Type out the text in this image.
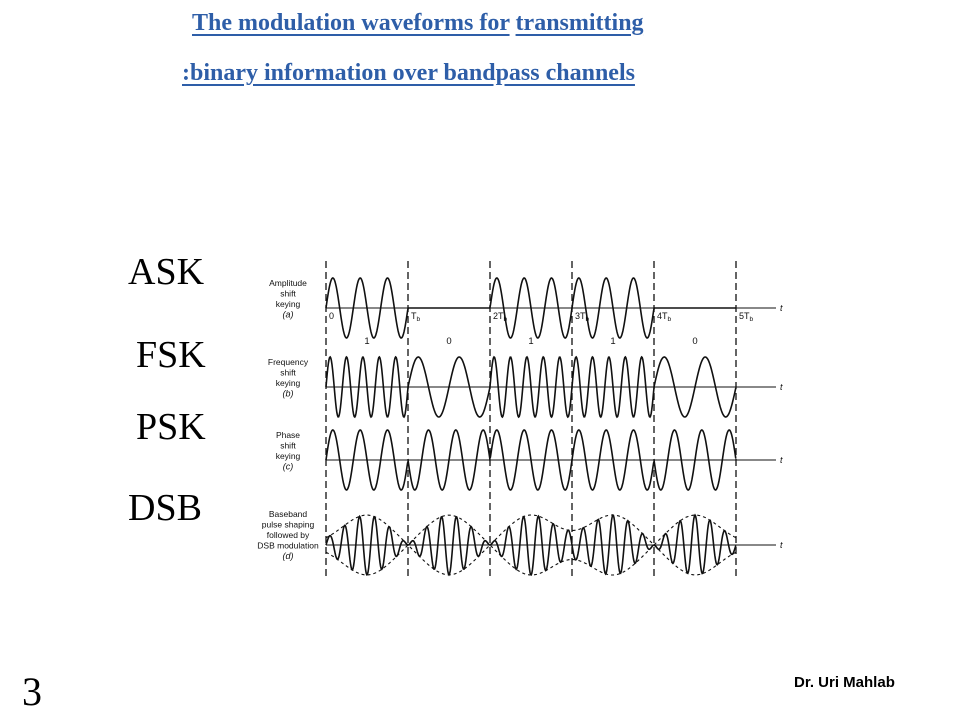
The modulation waveforms for transmitting
:binary information over bandpass channels
ASK
FSK
PSK
DSB
Amplitude
shift
keying
(a)
Frequency
shift
keying
(b)
Phase
shift
keying
(c)
Baseband
pulse shaping
followed by
DSB modulation
(d)
t
t
t
t
0	$T_b$	$2T_b$	$3T_b$	$4T_b$	$5T_b$
1	0	1	1	0
3	Dr. Uri Mahlab
